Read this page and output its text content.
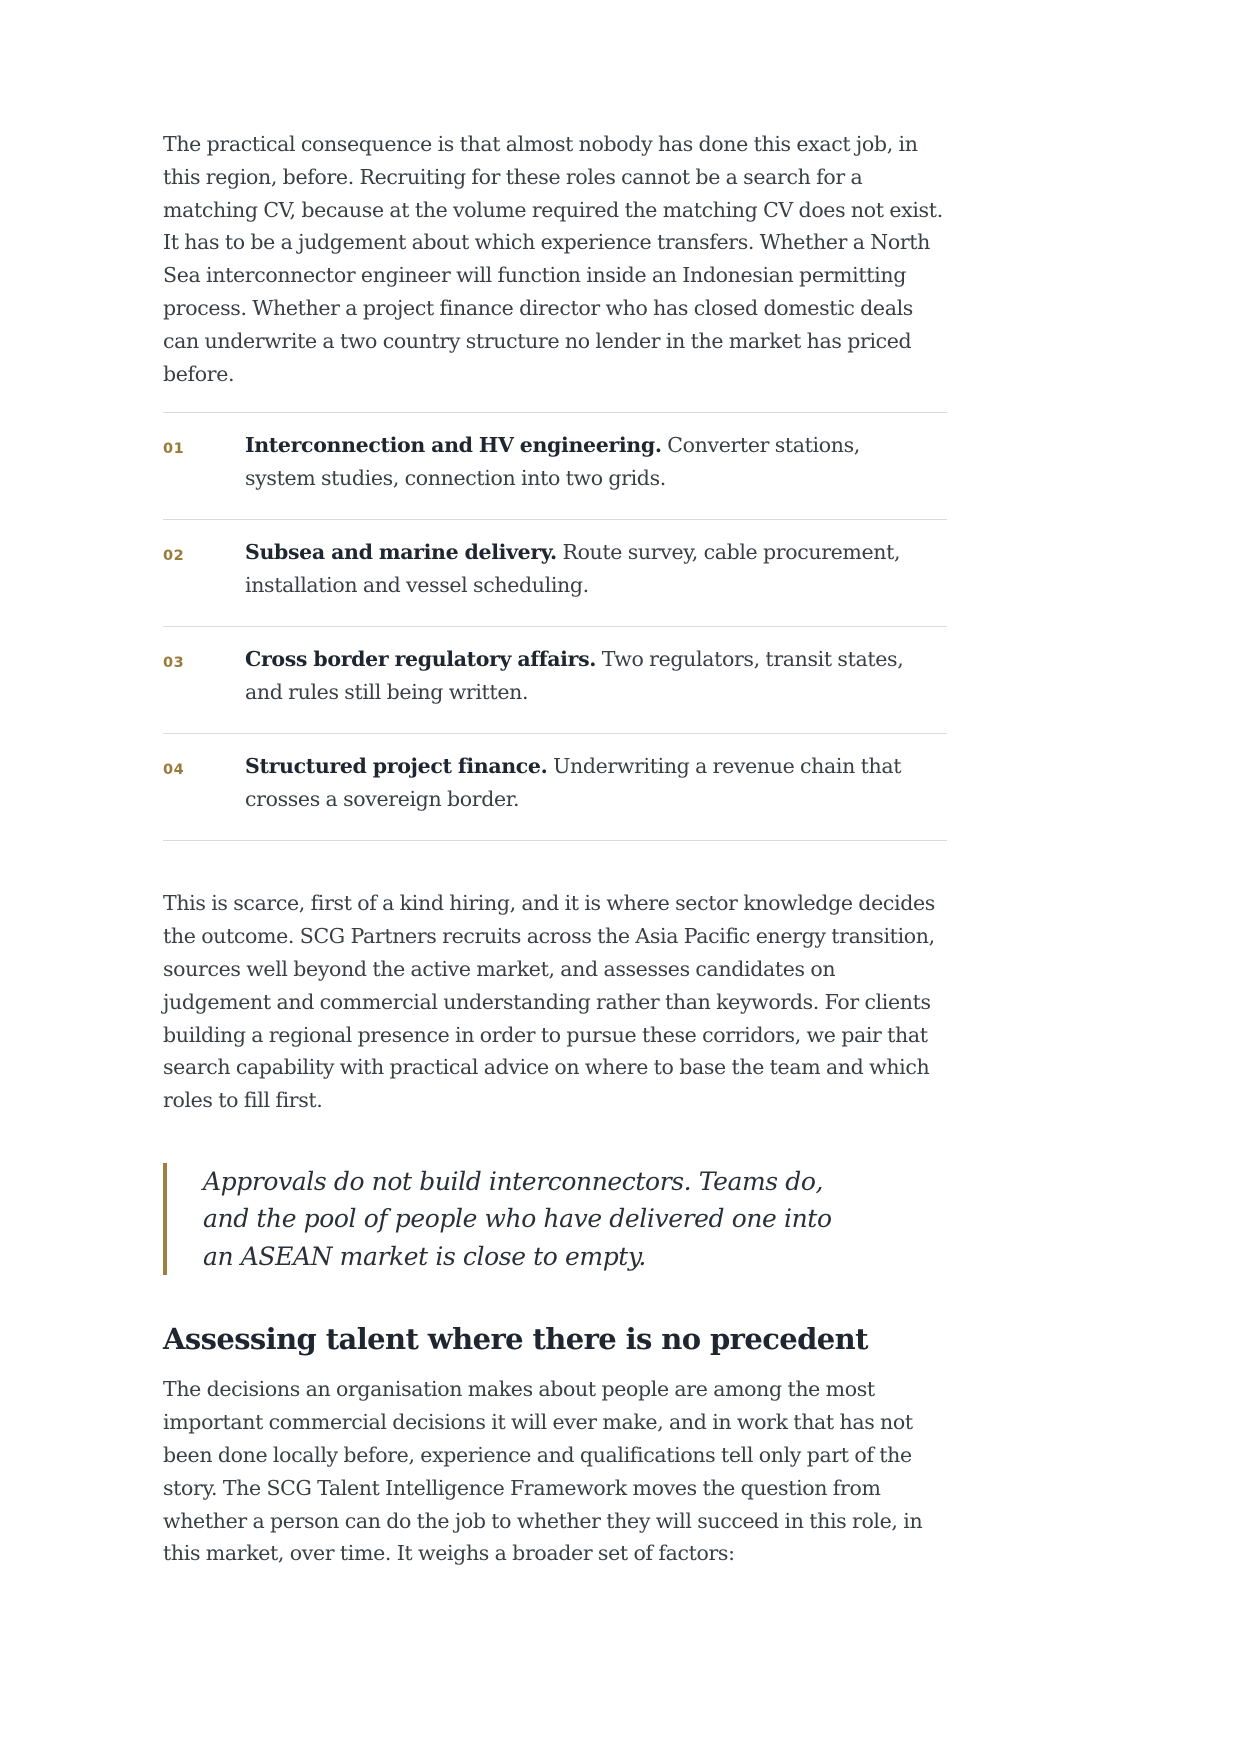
The practical consequence is that almost nobody has done this exact job, in this region, before. Recruiting for these roles cannot be a search for a matching CV, because at the volume required the matching CV does not exist. It has to be a judgement about which experience transfers. Whether a North Sea interconnector engineer will function inside an Indonesian permitting process. Whether a project finance director who has closed domestic deals can underwrite a two country structure no lender in the market has priced before.

01	Interconnection and HV engineering. Converter stations, system studies, connection into two grids.
02	Subsea and marine delivery. Route survey, cable procurement, installation and vessel scheduling.
03	Cross border regulatory affairs. Two regulators, transit states, and rules still being written.
04	Structured project finance. Underwriting a revenue chain that crosses a sovereign border.

This is scarce, first of a kind hiring, and it is where sector knowledge decides the outcome. SCG Partners recruits across the Asia Pacific energy transition, sources well beyond the active market, and assesses candidates on judgement and commercial understanding rather than keywords. For clients building a regional presence in order to pursue these corridors, we pair that search capability with practical advice on where to base the team and which roles to fill first.

Approvals do not build interconnectors. Teams do, and the pool of people who have delivered one into an ASEAN market is close to empty.
Assessing talent where there is no precedent

The decisions an organisation makes about people are among the most important commercial decisions it will ever make, and in work that has not been done locally before, experience and qualifications tell only part of the story. The SCG Talent Intelligence Framework moves the question from whether a person can do the job to whether they will succeed in this role, in this market, over time. It weighs a broader set of factors:
